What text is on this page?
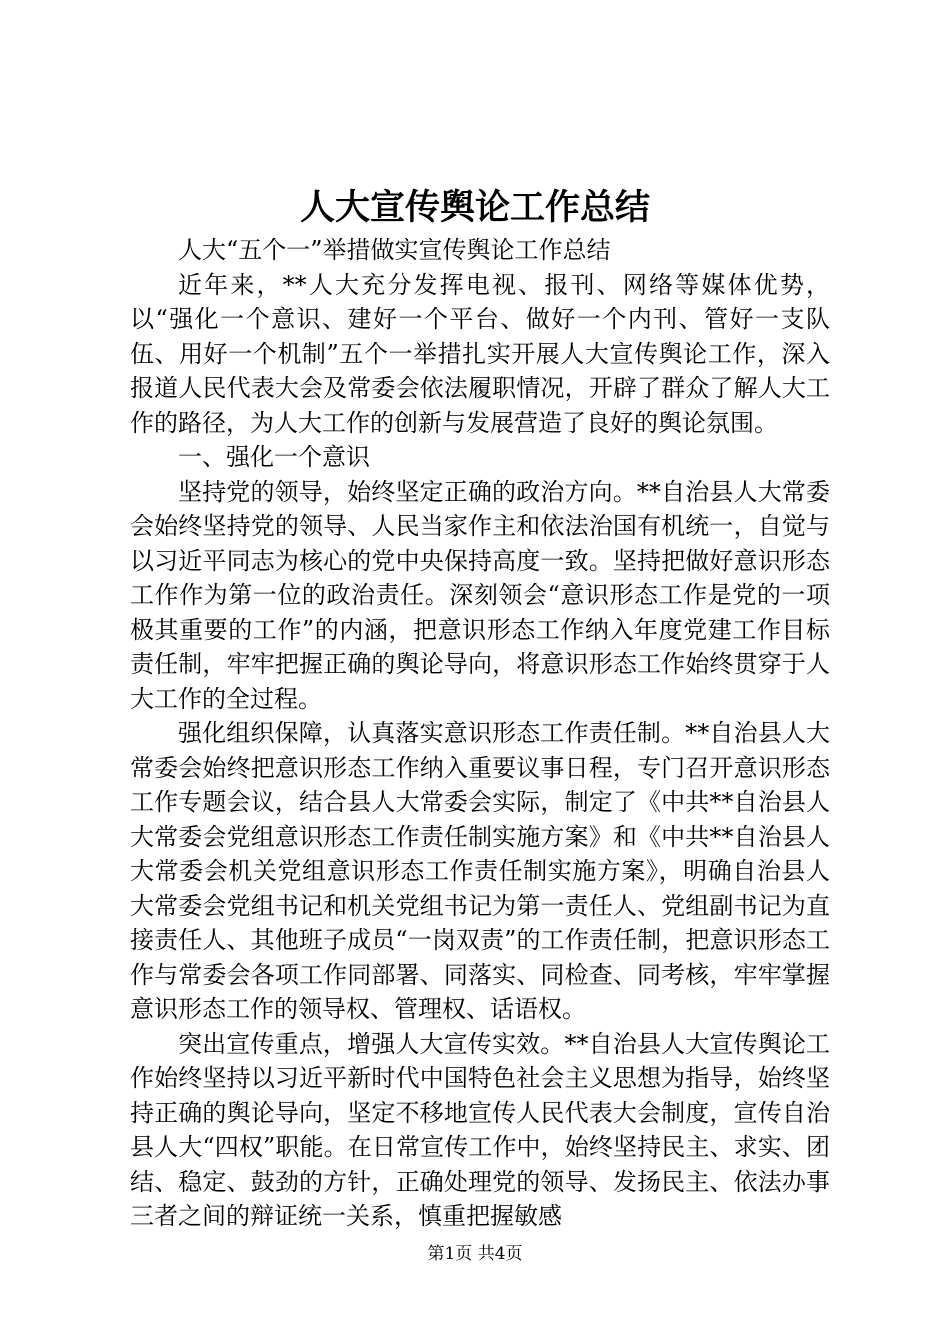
人大宣传舆论工作总结

人大“五个一”举措做实宣传舆论工作总结

近年来，**人大充分发挥电视、报刊、网络等媒体优势，以“强化一个意识、建好一个平台、做好一个内刊、管好一支队伍、用好一个机制”五个一举措扎实开展人大宣传舆论工作，深入报道人民代表大会及常委会依法履职情况，开辟了群众了解人大工作的路径，为人大工作的创新与发展营造了良好的舆论氛围。

一、强化一个意识

坚持党的领导，始终坚定正确的政治方向。**自治县人大常委会始终坚持党的领导、人民当家作主和依法治国有机统一，自觉与以习近平同志为核心的党中央保持高度一致。坚持把做好意识形态工作作为第一位的政治责任。深刻领会“意识形态工作是党的一项极其重要的工作”的内涵，把意识形态工作纳入年度党建工作目标责任制，牢牢把握正确的舆论导向，将意识形态工作始终贯穿于人大工作的全过程。

强化组织保障，认真落实意识形态工作责任制。**自治县人大常委会始终把意识形态工作纳入重要议事日程，专门召开意识形态工作专题会议，结合县人大常委会实际，制定了《中共**自治县人大常委会党组意识形态工作责任制实施方案》和《中共**自治县人大常委会机关党组意识形态工作责任制实施方案》，明确自治县人大常委会党组书记和机关党组书记为第一责任人、党组副书记为直接责任人、其他班子成员“一岗双责”的工作责任制，把意识形态工作与常委会各项工作同部署、同落实、同检查、同考核，牢牢掌握意识形态工作的领导权、管理权、话语权。

突出宣传重点，增强人大宣传实效。**自治县人大宣传舆论工作始终坚持以习近平新时代中国特色社会主义思想为指导，始终坚持正确的舆论导向，坚定不移地宣传人民代表大会制度，宣传自治县人大“四权”职能。在日常宣传工作中，始终坚持民主、求实、团结、稳定、鼓劲的方针，正确处理党的领导、发扬民主、依法办事三者之间的辩证统一关系，慎重把握敏感

第1页 共4页
